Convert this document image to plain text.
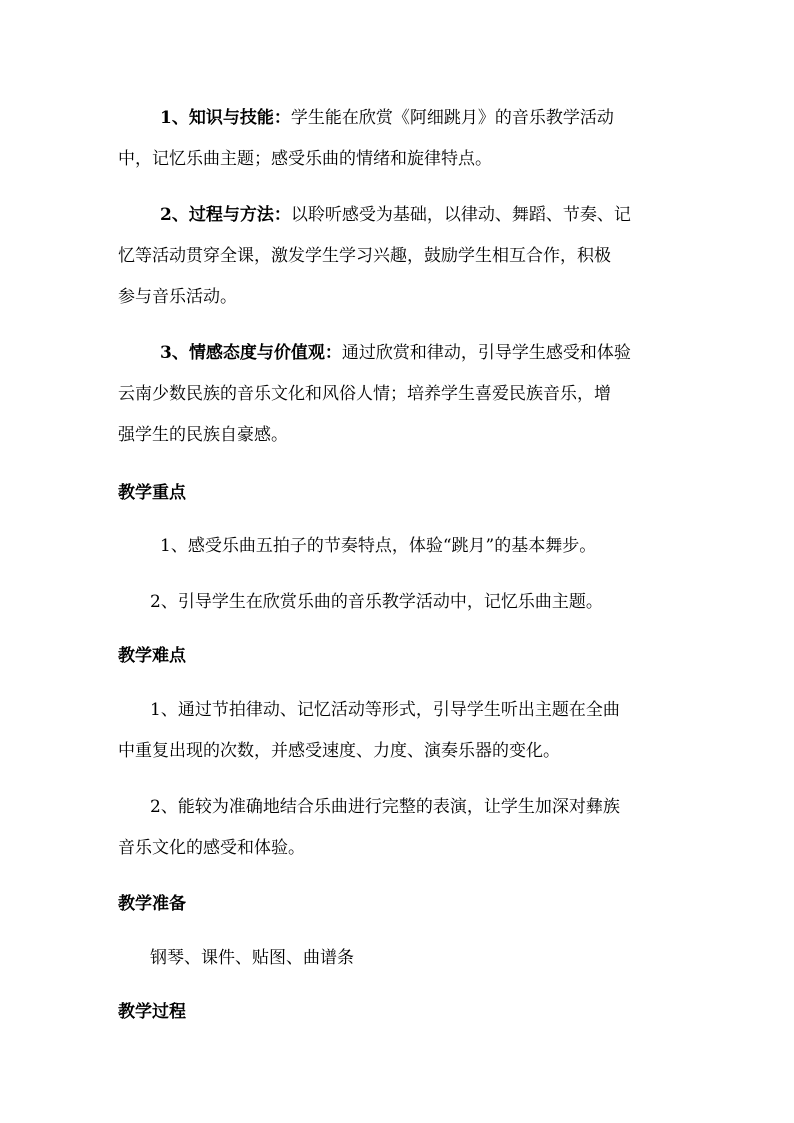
1、知识与技能：学生能在欣赏《阿细跳月》的音乐教学活动
中，记忆乐曲主题；感受乐曲的情绪和旋律特点。
2、过程与方法：以聆听感受为基础，以律动、舞蹈、节奏、记
忆等活动贯穿全课，激发学生学习兴趣，鼓励学生相互合作，积极
参与音乐活动。
3、情感态度与价值观：通过欣赏和律动，引导学生感受和体验
云南少数民族的音乐文化和风俗人情；培养学生喜爱民族音乐，增
强学生的民族自豪感。
教学重点
1、感受乐曲五拍子的节奏特点，体验“跳月”的基本舞步。
2、引导学生在欣赏乐曲的音乐教学活动中，记忆乐曲主题。
教学难点
1、通过节拍律动、记忆活动等形式，引导学生听出主题在全曲
中重复出现的次数，并感受速度、力度、演奏乐器的变化。
2、能较为准确地结合乐曲进行完整的表演，让学生加深对彝族
音乐文化的感受和体验。
教学准备
钢琴、课件、贴图、曲谱条
教学过程
